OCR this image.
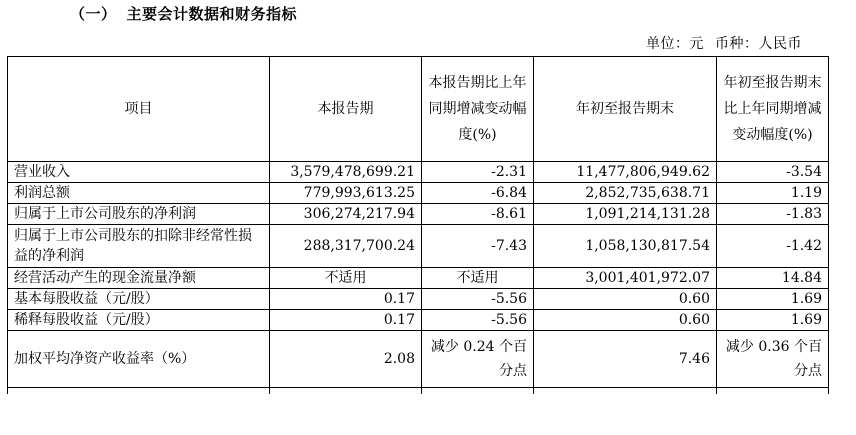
（一） 主要会计数据和财务指标
单位：元 币种：人民币
项目	本报告期	本报告期比上年同期增减变动幅度(%)	年初至报告期末	年初至报告期末比上年同期增减变动幅度(%)
营业收入	3,579,478,699.21	-2.31	11,477,806,949.62	-3.54
利润总额	779,993,613.25	-6.84	2,852,735,638.71	1.19
归属于上市公司股东的净利润	306,274,217.94	-8.61	1,091,214,131.28	-1.83
归属于上市公司股东的扣除非经常性损益的净利润	288,317,700.24	-7.43	1,058,130,817.54	-1.42
经营活动产生的现金流量净额	不适用	不适用	3,001,401,972.07	14.84
基本每股收益（元/股）	0.17	-5.56	0.60	1.69
稀释每股收益（元/股）	0.17	-5.56	0.60	1.69
加权平均净资产收益率（%）	2.08	减少 0.24 个百分点	7.46	减少 0.36 个百分点
